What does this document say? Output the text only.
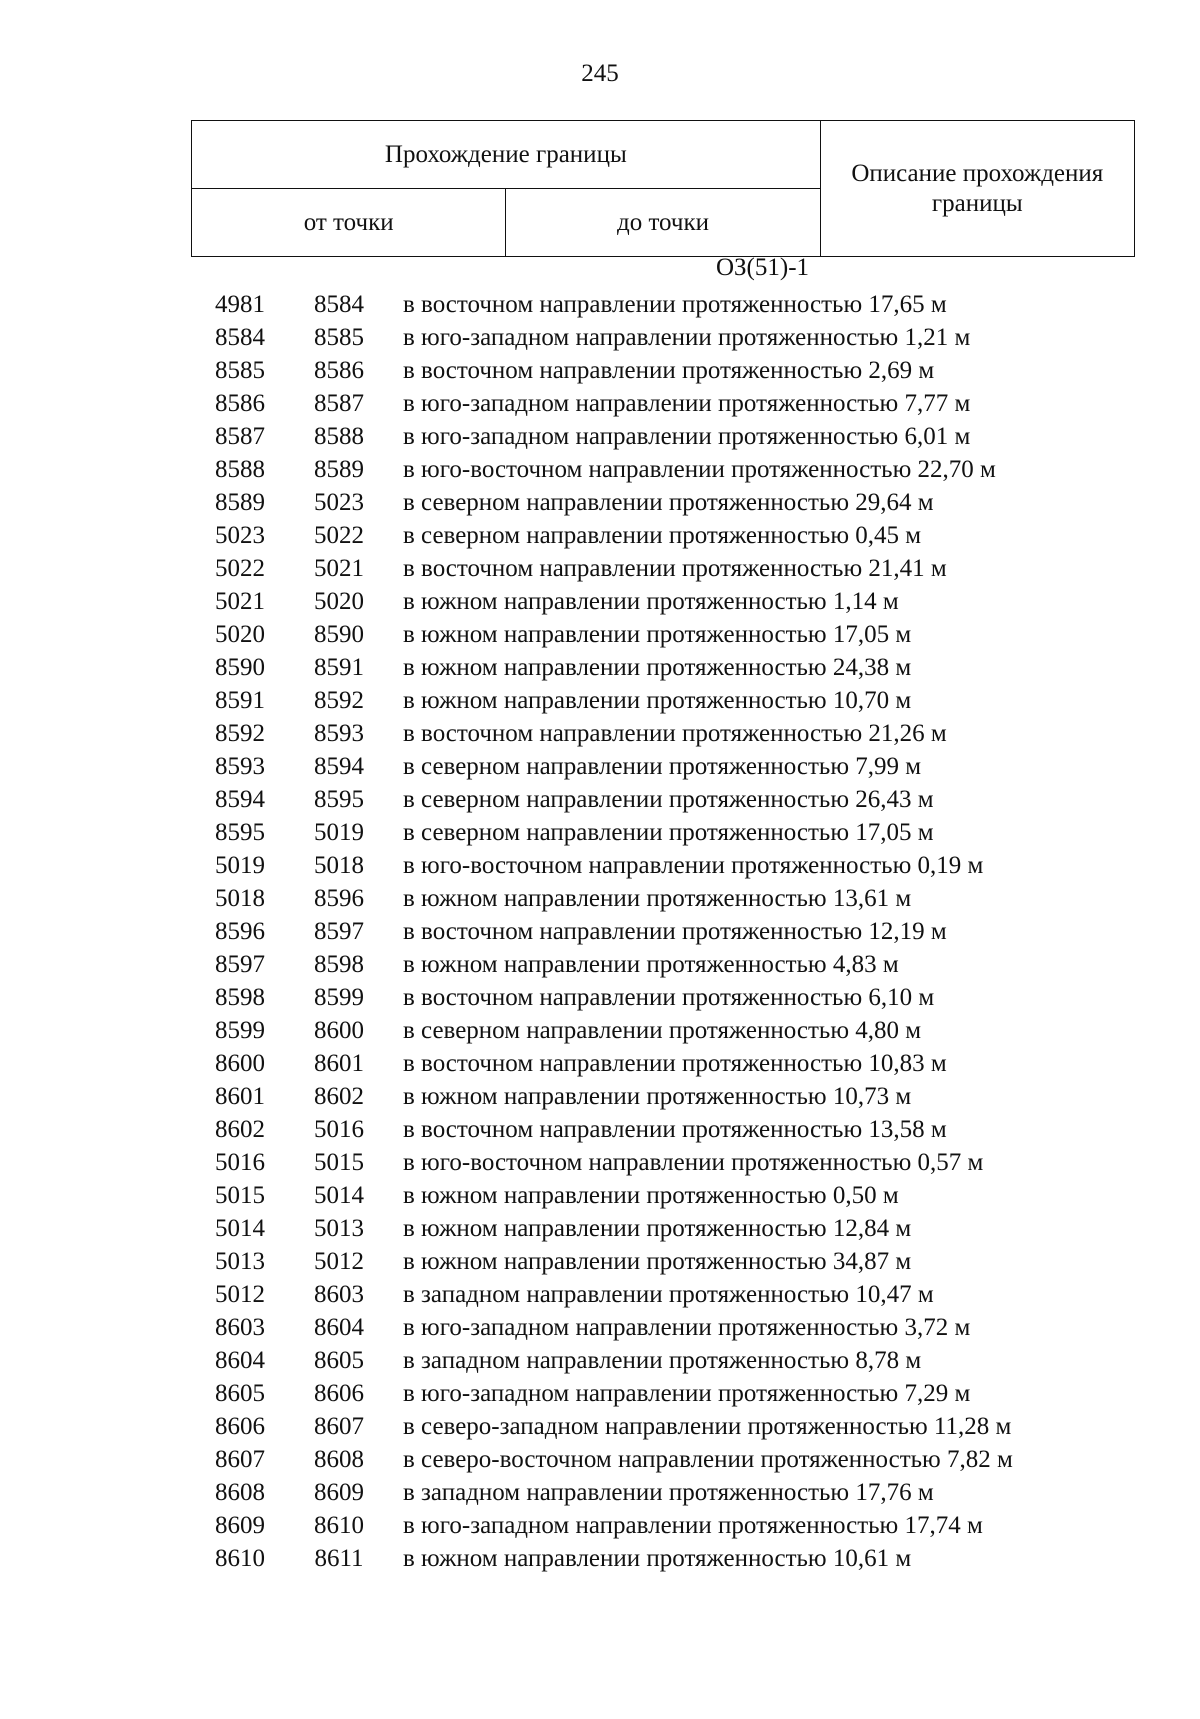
245
Прохождение границы		Описание прохождения границы
от точки	до точки	
ОЗ(51)-1
4981	8584	в восточном направлении протяженностью 17,65 м
8584	8585	в юго-западном направлении протяженностью 1,21 м
8585	8586	в восточном направлении протяженностью 2,69 м
8586	8587	в юго-западном направлении протяженностью 7,77 м
8587	8588	в юго-западном направлении протяженностью 6,01 м
8588	8589	в юго-восточном направлении протяженностью 22,70 м
8589	5023	в северном направлении протяженностью 29,64 м
5023	5022	в северном направлении протяженностью 0,45 м
5022	5021	в восточном направлении протяженностью 21,41 м
5021	5020	в южном направлении протяженностью 1,14 м
5020	8590	в южном направлении протяженностью 17,05 м
8590	8591	в южном направлении протяженностью 24,38 м
8591	8592	в южном направлении протяженностью 10,70 м
8592	8593	в восточном направлении протяженностью 21,26 м
8593	8594	в северном направлении протяженностью 7,99 м
8594	8595	в северном направлении протяженностью 26,43 м
8595	5019	в северном направлении протяженностью 17,05 м
5019	5018	в юго-восточном направлении протяженностью 0,19 м
5018	8596	в южном направлении протяженностью 13,61 м
8596	8597	в восточном направлении протяженностью 12,19 м
8597	8598	в южном направлении протяженностью 4,83 м
8598	8599	в восточном направлении протяженностью 6,10 м
8599	8600	в северном направлении протяженностью 4,80 м
8600	8601	в восточном направлении протяженностью 10,83 м
8601	8602	в южном направлении протяженностью 10,73 м
8602	5016	в восточном направлении протяженностью 13,58 м
5016	5015	в юго-восточном направлении протяженностью 0,57 м
5015	5014	в южном направлении протяженностью 0,50 м
5014	5013	в южном направлении протяженностью 12,84 м
5013	5012	в южном направлении протяженностью 34,87 м
5012	8603	в западном направлении протяженностью 10,47 м
8603	8604	в юго-западном направлении протяженностью 3,72 м
8604	8605	в западном направлении протяженностью 8,78 м
8605	8606	в юго-западном направлении протяженностью 7,29 м
8606	8607	в северо-западном направлении протяженностью 11,28 м
8607	8608	в северо-восточном направлении протяженностью 7,82 м
8608	8609	в западном направлении протяженностью 17,76 м
8609	8610	в юго-западном направлении протяженностью 17,74 м
8610	8611	в южном направлении протяженностью 10,61 м
